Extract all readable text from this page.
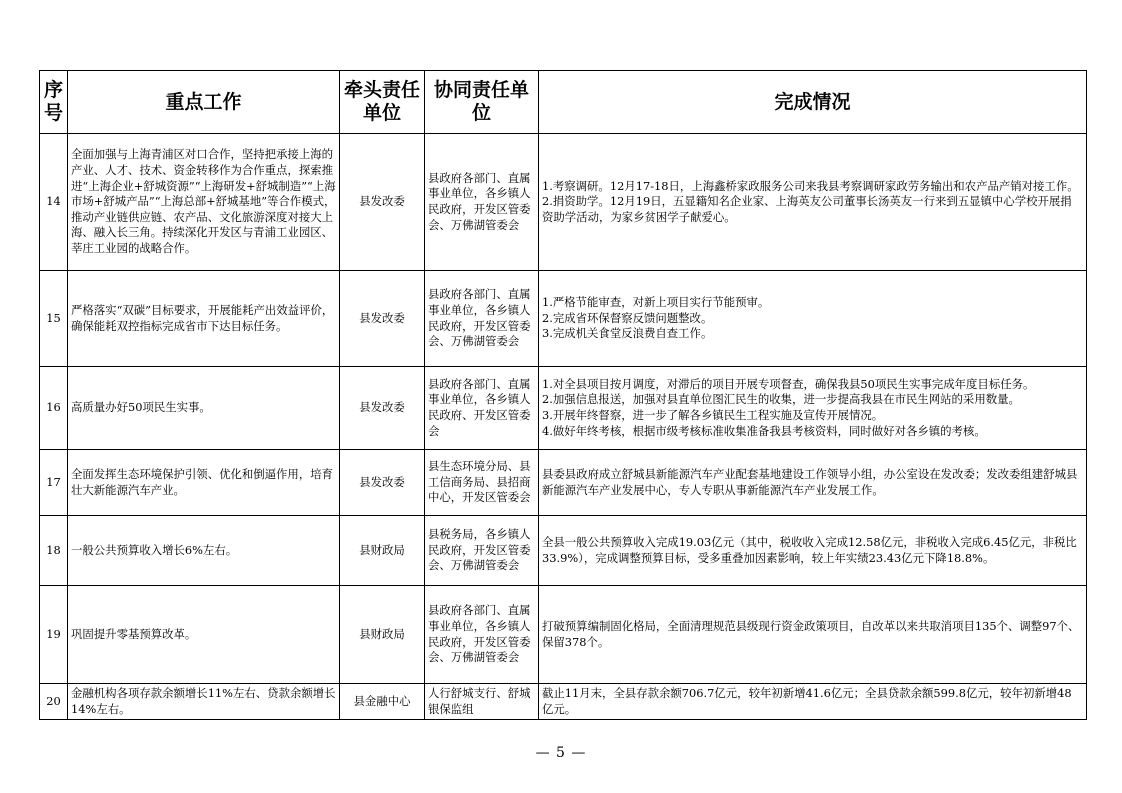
序号	重点工作	牵头责任单位	协同责任单位	完成情况
14	全面加强与上海青浦区对口合作，坚持把承接上海的产业、人才、技术、资金转移作为合作重点，探索推进“上海企业+舒城资源”“上海研发+舒城制造”“上海市场+舒城产品”“上海总部+舒城基地”等合作模式，推动产业链供应链、农产品、文化旅游深度对接大上海、融入长三角。持续深化开发区与青浦工业园区、莘庄工业园的战略合作。	县发改委	县政府各部门、直属事业单位，各乡镇人民政府，开发区管委会、万佛湖管委会	1.考察调研。12月17-18日，上海鑫桥家政服务公司来我县考察调研家政劳务输出和农产品产销对接工作。
2.捐资助学。12月19日，五显籍知名企业家、上海英友公司董事长汤英友一行来到五显镇中心学校开展捐资助学活动，为家乡贫困学子献爱心。

15	严格落实“双碳”目标要求，开展能耗产出效益评价，确保能耗双控指标完成省市下达目标任务。	县发改委	县政府各部门、直属事业单位，各乡镇人民政府，开发区管委会、万佛湖管委会	1.严格节能审查，对新上项目实行节能预审。
2.完成省环保督察反馈问题整改。
3.完成机关食堂反浪费自查工作。

16	高质量办好50项民生实事。	县发改委	县政府各部门、直属事业单位，各乡镇人民政府、开发区管委会	1.对全县项目按月调度，对滞后的项目开展专项督查，确保我县50项民生实事完成年度目标任务。
2.加强信息报送，加强对县直单位图汇民生的收集，进一步提高我县在市民生网站的采用数量。
3.开展年终督察，进一步了解各乡镇民生工程实施及宣传开展情况。
4.做好年终考核，根据市级考核标准收集准备我县考核资料，同时做好对各乡镇的考核。

17	全面发挥生态环境保护引领、优化和倒逼作用，培育壮大新能源汽车产业。	县发改委	县生态环境分局、县工信商务局、县招商中心，开发区管委会	县委县政府成立舒城县新能源汽车产业配套基地建设工作领导小组，办公室设在发改委；发改委组建舒城县新能源汽车产业发展中心，专人专职从事新能源汽车产业发展工作。

18	一般公共预算收入增长6%左右。	县财政局	县税务局，各乡镇人民政府，开发区管委会、万佛湖管委会	全县一般公共预算收入完成19.03亿元（其中，税收收入完成12.58亿元，非税收入完成6.45亿元，非税比33.9%），完成调整预算目标，受多重叠加因素影响，较上年实绩23.43亿元下降18.8%。

19	巩固提升零基预算改革。	县财政局	县政府各部门、直属事业单位，各乡镇人民政府，开发区管委会、万佛湖管委会	打破预算编制固化格局，全面清理规范县级现行资金政策项目，自改革以来共取消项目135个、调整97个、保留378个。

20	金融机构各项存款余额增长11%左右、贷款余额增长14%左右。	县金融中心	人行舒城支行、舒城银保监组	截止11月末，全县存款余额706.7亿元，较年初新增41.6亿元；全县贷款余额599.8亿元，较年初新增48亿元。
— 5 —
